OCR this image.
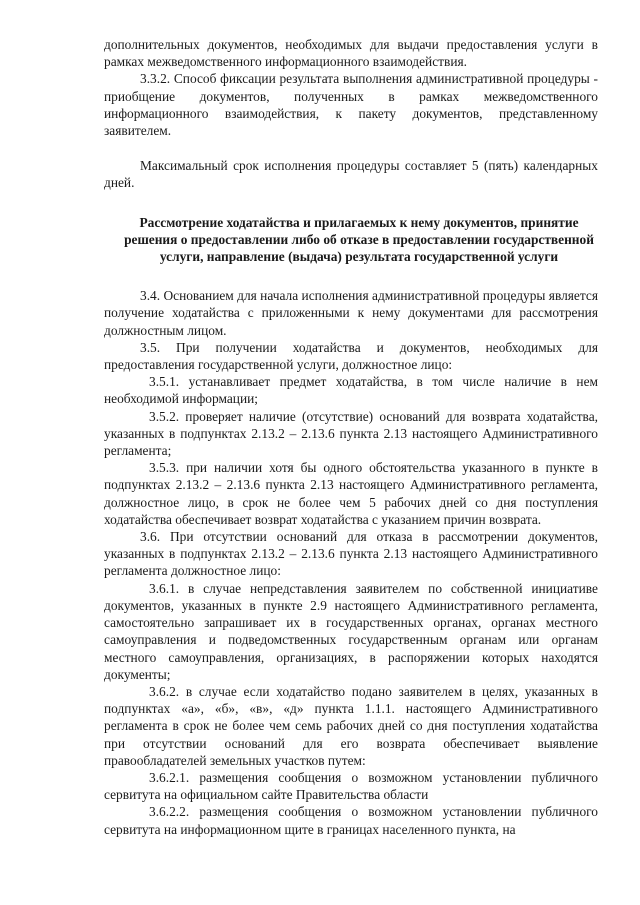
дополнительных документов, необходимых для выдачи предоставления услуги в рамках межведомственного информационного взаимодействия.

3.3.2. Способ фиксации результата выполнения административной процедуры - приобщение документов, полученных в рамках межведомственного информационного взаимодействия, к пакету документов, представленному заявителем.

Максимальный срок исполнения процедуры составляет 5 (пять) календарных дней.

Рассмотрение ходатайства и прилагаемых к нему документов, принятие решения о предоставлении либо об отказе в предоставлении государственной услуги, направление (выдача) результата государственной услуги

3.4. Основанием для начала исполнения административной процедуры является получение ходатайства с приложенными к нему документами для рассмотрения должностным лицом.

3.5. При получении ходатайства и документов, необходимых для предоставления государственной услуги, должностное лицо:

3.5.1. устанавливает предмет ходатайства, в том числе наличие в нем необходимой информации;

3.5.2. проверяет наличие (отсутствие) оснований для возврата ходатайства, указанных в подпунктах 2.13.2 – 2.13.6 пункта 2.13 настоящего Административного регламента;

3.5.3. при наличии хотя бы одного обстоятельства указанного в пункте в подпунктах 2.13.2 – 2.13.6 пункта 2.13 настоящего Административного регламента, должностное лицо, в срок не более чем 5 рабочих дней со дня поступления ходатайства обеспечивает возврат ходатайства с указанием причин возврата.

3.6. При отсутствии оснований для отказа в рассмотрении документов, указанных в подпунктах 2.13.2 – 2.13.6 пункта 2.13 настоящего Административного регламента должностное лицо:

3.6.1. в случае непредставления заявителем по собственной инициативе документов, указанных в пункте 2.9 настоящего Административного регламента, самостоятельно запрашивает их в государственных органах, органах местного самоуправления и подведомственных государственным органам или органам местного самоуправления, организациях, в распоряжении которых находятся документы;

3.6.2. в случае если ходатайство подано заявителем в целях, указанных в подпунктах «а», «б», «в», «д» пункта 1.1.1. настоящего Административного регламента в срок не более чем семь рабочих дней со дня поступления ходатайства при отсутствии оснований для его возврата обеспечивает выявление правообладателей земельных участков путем:

3.6.2.1. размещения сообщения о возможном установлении публичного сервитута на официальном сайте Правительства области

3.6.2.2. размещения сообщения о возможном установлении публичного сервитута на информационном щите в границах населенного пункта, на
